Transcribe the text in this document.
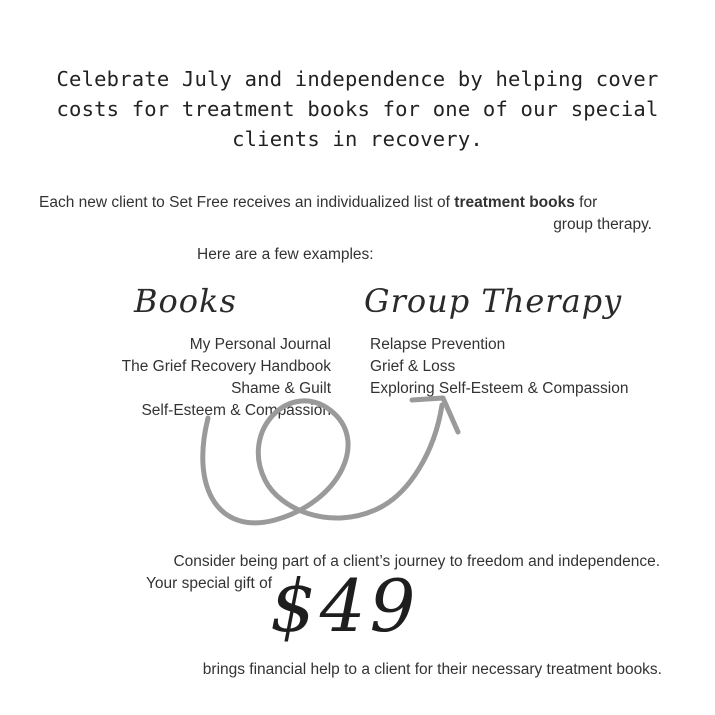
Celebrate July and independence by helping cover
costs for treatment books for one of our special
clients in recovery.
Each new client to Set Free receives an individualized list of treatment books for
group therapy.
Here are a few examples:
Books	Group Therapy
My Personal Journal
The Grief Recovery Handbook
Shame & Guilt
Self-Esteem & Compassion
Relapse Prevention
Grief & Loss
Exploring Self-Esteem & Compassion
Consider being part of a client’s journey to freedom and independence.
Your special gift of
$49
brings financial help to a client for their necessary treatment books.
